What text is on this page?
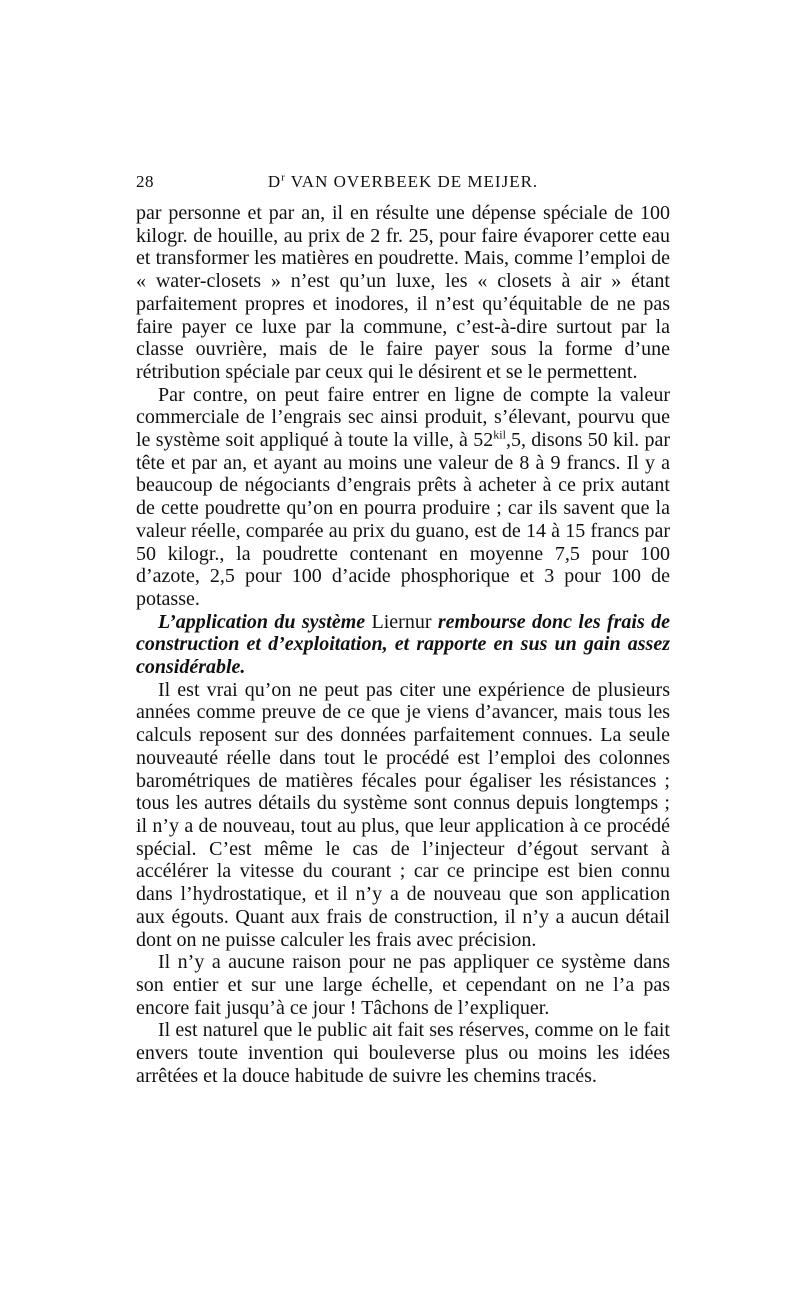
28	$D^r$ VAN OVERBEEK DE MEIJER.

par personne et par an, il en résulte une dépense spéciale de 100 kilogr. de houille, au prix de 2 fr. 25, pour faire évaporer cette eau et transformer les matières en poudrette. Mais, comme l’emploi de « water-closets » n’est qu’un luxe, les « closets à air » étant parfaitement propres et inodores, il n’est qu’équitable de ne pas faire payer ce luxe par la commune, c’est-à-dire surtout par la classe ouvrière, mais de le faire payer sous la forme d’une rétribution spéciale par ceux qui le désirent et se le permettent.

Par contre, on peut faire entrer en ligne de compte la valeur commerciale de l’engrais sec ainsi produit, s’élevant, pourvu que le système soit appliqué à toute la ville, à $52^{kil},5$, disons 50 kil. par tête et par an, et ayant au moins une valeur de 8 à 9 francs. Il y a beaucoup de négociants d’engrais prêts à acheter à ce prix autant de cette poudrette qu’on en pourra produire ; car ils savent que la valeur réelle, comparée au prix du guano, est de 14 à 15 francs par 50 kilogr., la poudrette contenant en moyenne 7,5 pour 100 d’azote, 2,5 pour 100 d’acide phosphorique et 3 pour 100 de potasse.

L’application du système Liernur rembourse donc les frais de construction et d’exploitation, et rapporte en sus un gain assez considérable.

Il est vrai qu’on ne peut pas citer une expérience de plusieurs années comme preuve de ce que je viens d’avancer, mais tous les calculs reposent sur des données parfaitement connues. La seule nouveauté réelle dans tout le procédé est l’emploi des colonnes barométriques de matières fécales pour égaliser les résistances ; tous les autres détails du système sont connus depuis longtemps ; il n’y a de nouveau, tout au plus, que leur application à ce procédé spécial. C’est même le cas de l’injecteur d’égout servant à accélérer la vitesse du courant ; car ce principe est bien connu dans l’hydrostatique, et il n’y a de nouveau que son application aux égouts. Quant aux frais de construction, il n’y a aucun détail dont on ne puisse calculer les frais avec précision.

Il n’y a aucune raison pour ne pas appliquer ce système dans son entier et sur une large échelle, et cependant on ne l’a pas encore fait jusqu’à ce jour ! Tâchons de l’expliquer.

Il est naturel que le public ait fait ses réserves, comme on le fait envers toute invention qui bouleverse plus ou moins les idées arrêtées et la douce habitude de suivre les chemins tracés.
